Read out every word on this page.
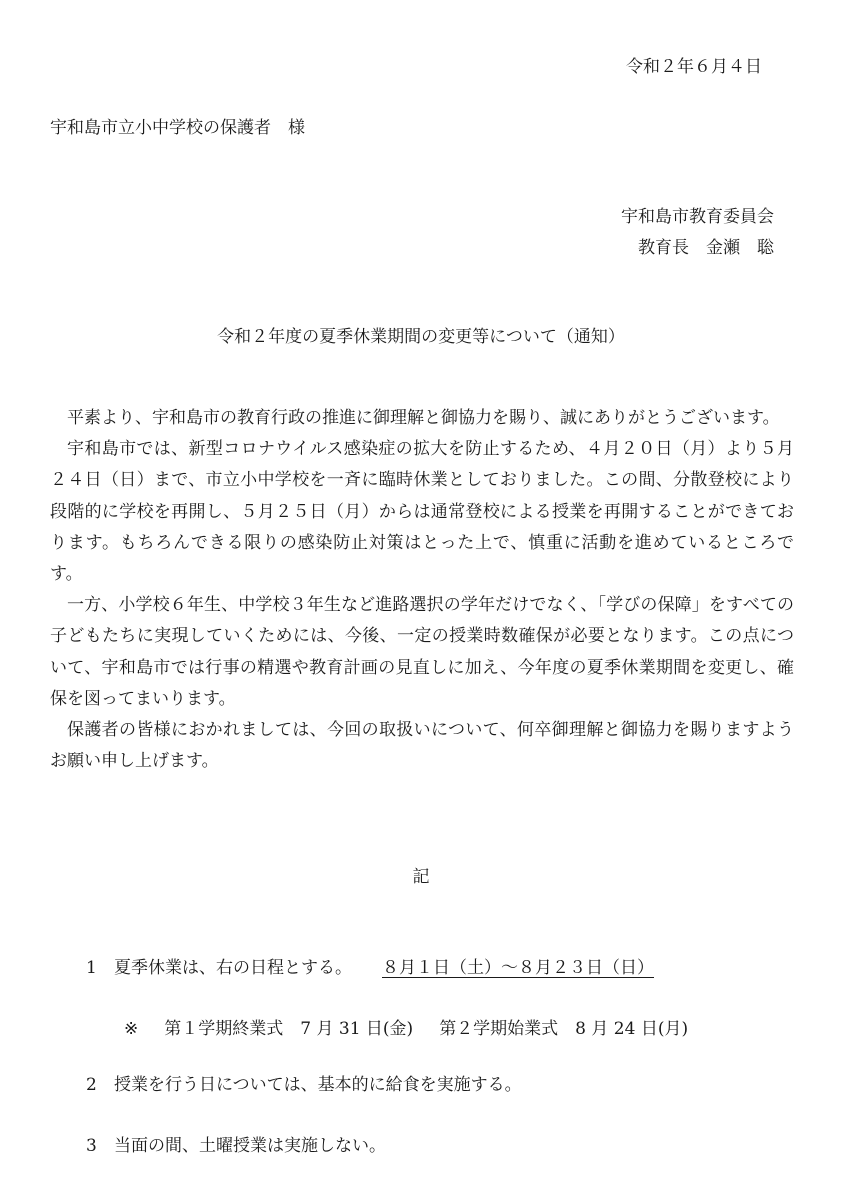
令和２年６月４日
宇和島市立小中学校の保護者　様
宇和島市教育委員会
教育長　金瀬　聡
令和２年度の夏季休業期間の変更等について（通知）

平素より、宇和島市の教育行政の推進に御理解と御協力を賜り、誠にありがとうございます。

宇和島市では、新型コロナウイルス感染症の拡大を防止するため、４月２０日（月）より５月２４日（日）まで、市立小中学校を一斉に臨時休業としておりました。この間、分散登校により段階的に学校を再開し、５月２５日（月）からは通常登校による授業を再開することができております。もちろんできる限りの感染防止対策はとった上で、慎重に活動を進めているところです。

一方、小学校６年生、中学校３年生など進路選択の学年だけでなく、「学びの保障」をすべての子どもたちに実現していくためには、今後、一定の授業時数確保が必要となります。この点について、宇和島市では行事の精選や教育計画の見直しに加え、今年度の夏季休業期間を変更し、確保を図ってまいります。

保護者の皆様におかれましては、今回の取扱いについて、何卒御理解と御協力を賜りますようお願い申し上げます。

記
1 夏季休業は、右の日程とする。 ８月１日（土）～８月２３日（日）
※ 第１学期終業式　7 月 31 日(金) 第２学期始業式　8 月 24 日(月)
2 授業を行う日については、基本的に給食を実施する。
3 当面の間、土曜授業は実施しない。
